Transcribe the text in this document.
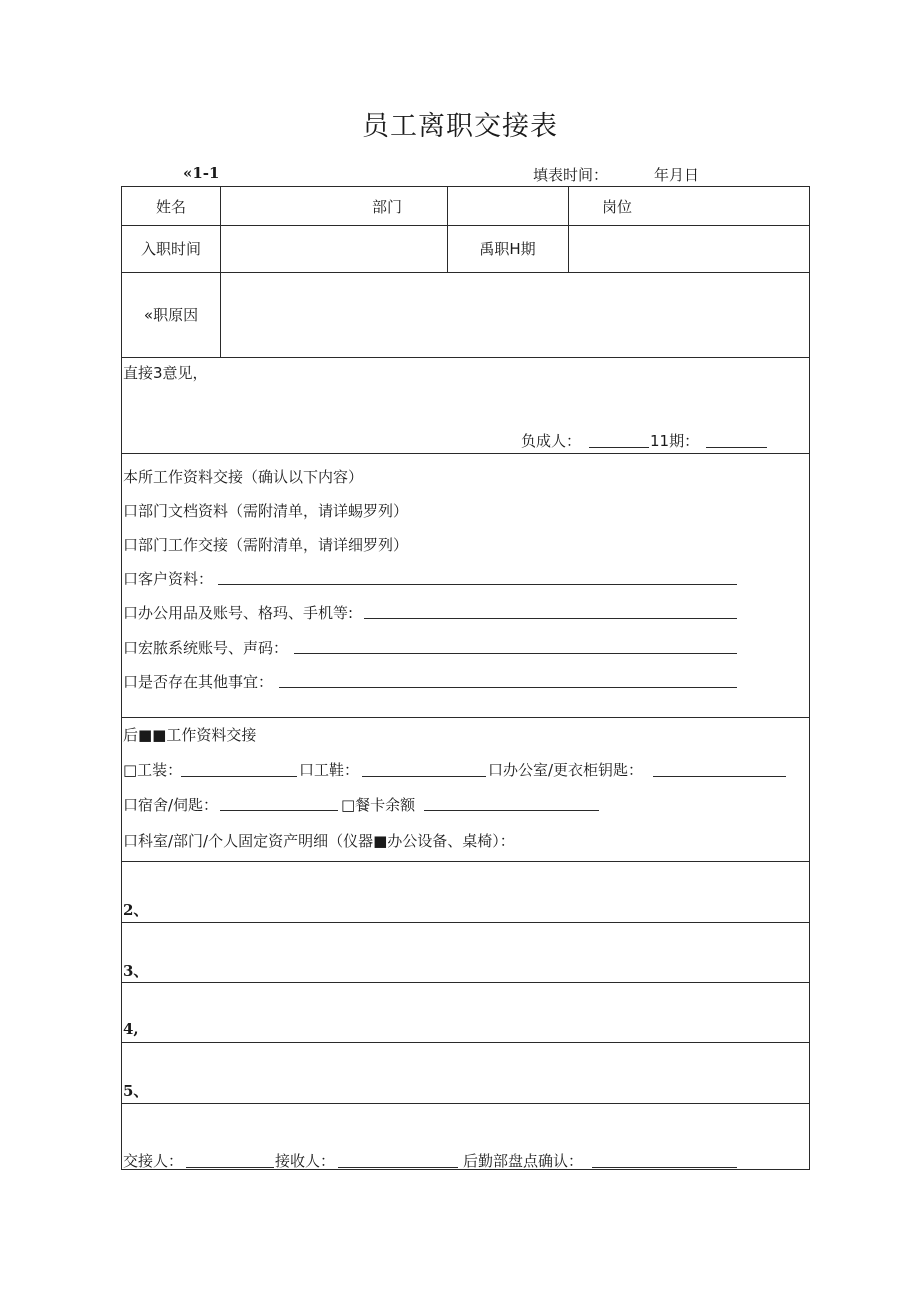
员工离职交接表
«1-1	填表时间：	年月日
姓名	部门	岗位
入职时间	禹职H期
«职原因
直接3意见，
负成人：	11期：
本所工作资料交接（确认以下内容）
口部门文档资料（需附清单，请详蜴罗列）
口部门工作交接（需附清单，请详细罗列）
口客户资料：
口办公用品及账号、格玛、手机等:
口宏脓系统账号、声码：
口是否存在其他事宜：
后■■工作资料交接
□工装：	口工鞋：	口办公室/更衣柜钥匙：
口宿舍/伺匙：	□餐卡余额
口科室/部门/个人固定资产明细（仪器■办公设备、桌椅）：
2、
3、
4,
5、
交接人：	接收人：	后勤部盘点确认：
